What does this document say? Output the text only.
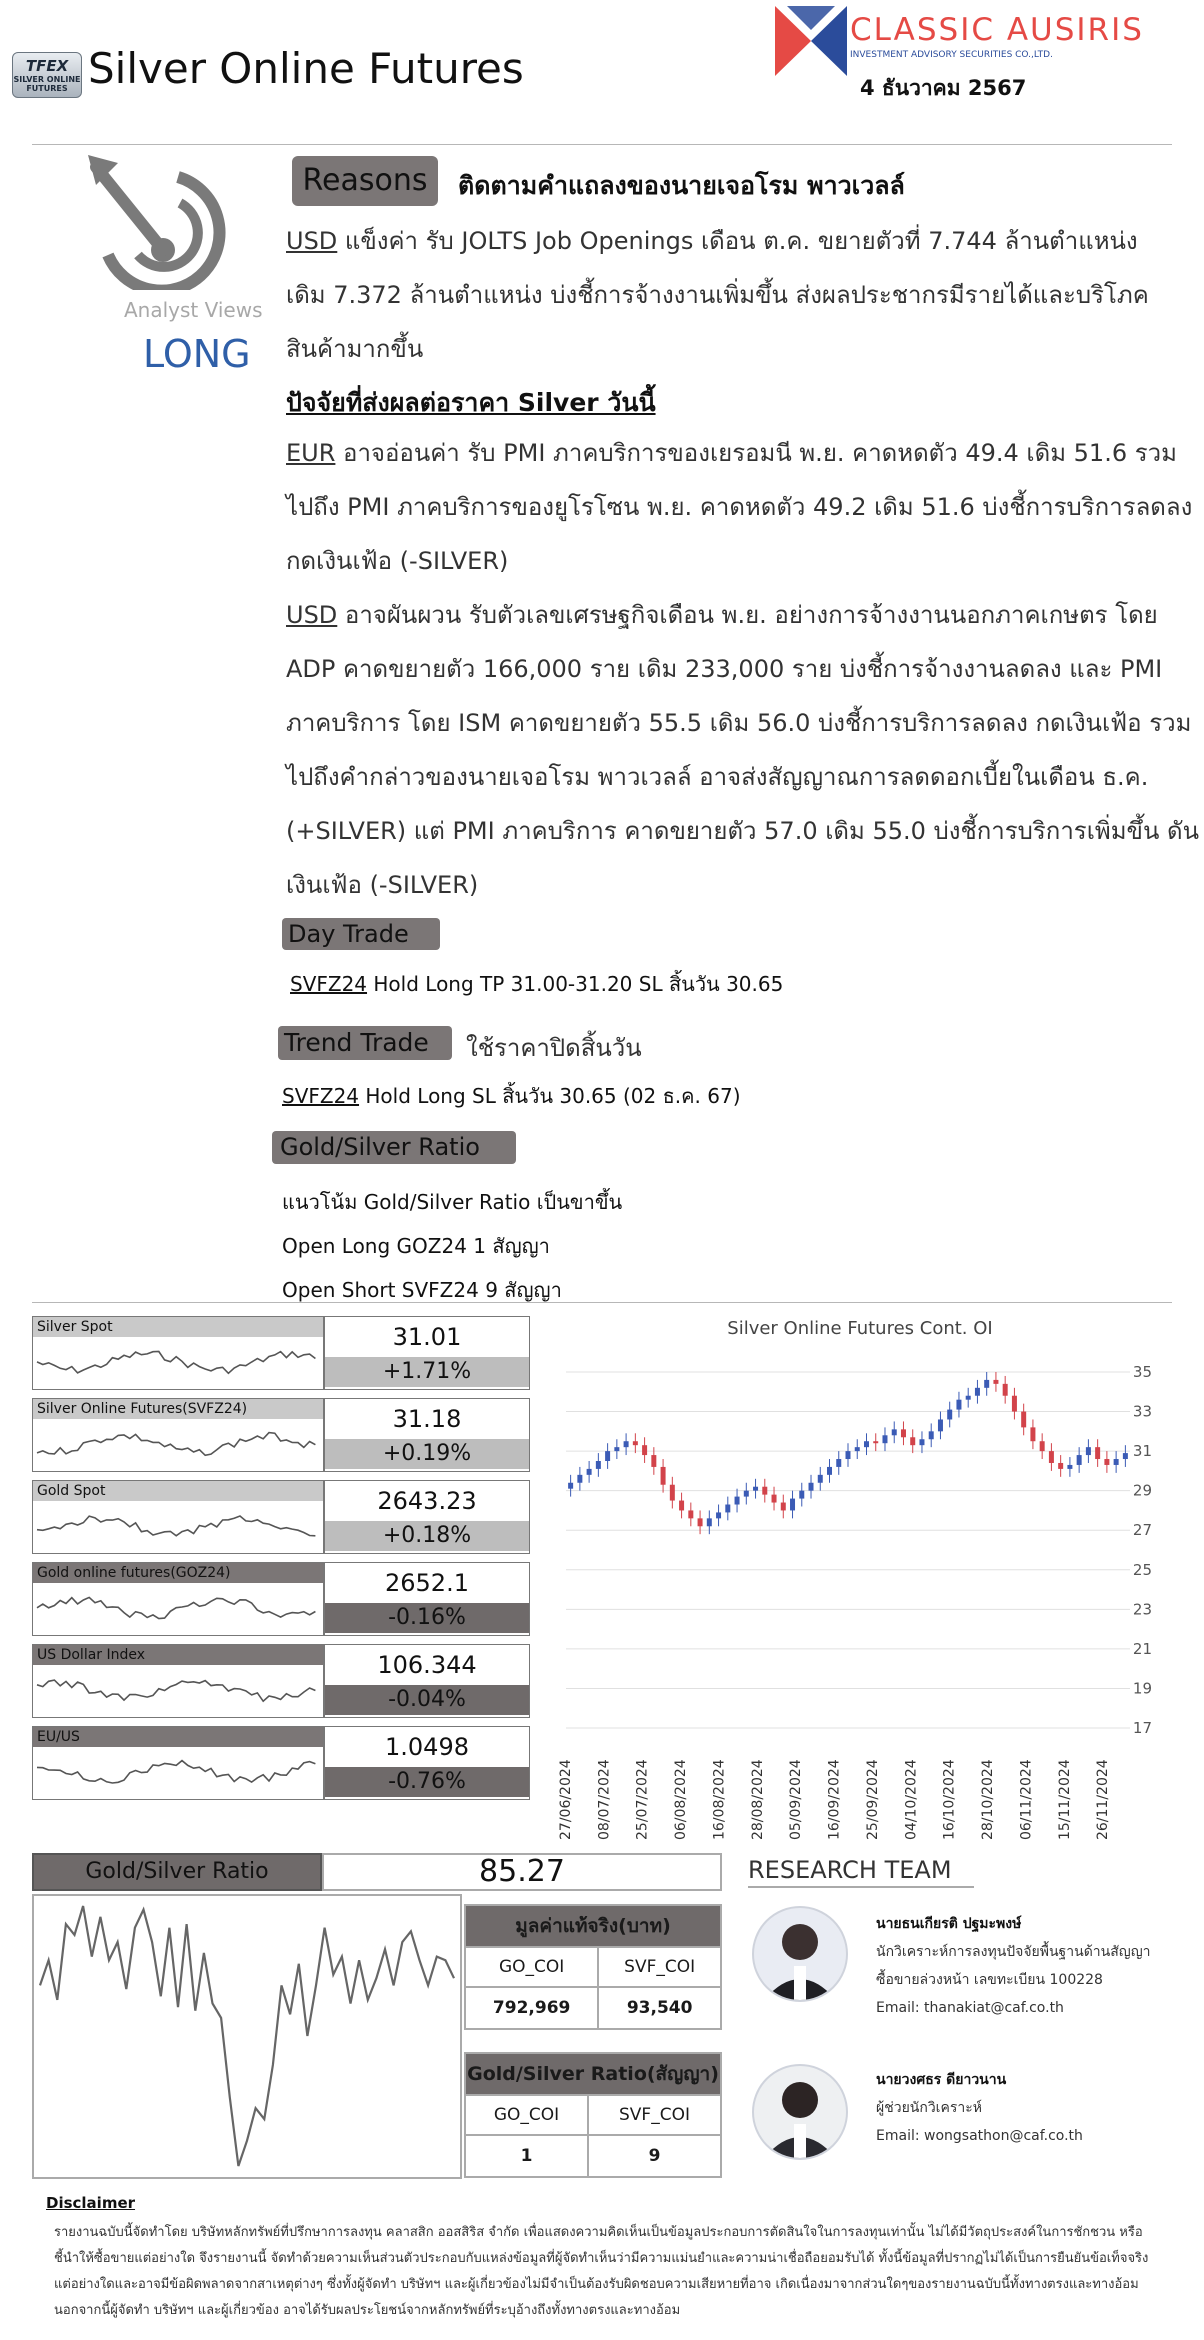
TFEX
SILVER ONLINE FUTURES Silver Online Futures
CLASSIC AUSIRIS
INVESTMENT ADVISORY SECURITIES CO.,LTD.
4 ธันวาคม 2567
Analyst Views
LONG
Reasons	ติดตามคำแถลงของนายเจอโรม พาวเวลล์
USD แข็งค่า รับ JOLTS Job Openings เดือน ต.ค. ขยายตัวที่ 7.744 ล้านตำแหน่ง
เดิม 7.372 ล้านตำแหน่ง บ่งชี้การจ้างงานเพิ่มขึ้น ส่งผลประชากรมีรายได้และบริโภค
สินค้ามากขึ้น
ปัจจัยที่ส่งผลต่อราคา Silver วันนี้
EUR อาจอ่อนค่า รับ PMI ภาคบริการของเยรอมนี พ.ย. คาดหดตัว 49.4 เดิม 51.6 รวม
ไปถึง PMI ภาคบริการของยูโรโซน พ.ย. คาดหดตัว 49.2 เดิม 51.6 บ่งชี้การบริการลดลง
กดเงินเฟ้อ (-SILVER)
USD อาจผันผวน รับตัวเลขเศรษฐกิจเดือน พ.ย. อย่างการจ้างงานนอกภาคเกษตร โดย
ADP คาดขยายตัว 166,000 ราย เดิม 233,000 ราย บ่งชี้การจ้างงานลดลง และ PMI
ภาคบริการ โดย ISM คาดขยายตัว 55.5 เดิม 56.0 บ่งชี้การบริการลดลง กดเงินเฟ้อ รวม
ไปถึงคำกล่าวของนายเจอโรม พาวเวลล์ อาจส่งสัญญาณการลดดอกเบี้ยในเดือน ธ.ค.
(+SILVER) แต่ PMI ภาคบริการ คาดขยายตัว 57.0 เดิม 55.0 บ่งชี้การบริการเพิ่มขึ้น ดัน
เงินเฟ้อ (-SILVER)
Day Trade
SVFZ24 Hold Long TP 31.00-31.20 SL สิ้นวัน 30.65
Trend Trade	ใช้ราคาปิดสิ้นวัน
SVFZ24 Hold Long SL สิ้นวัน 30.65 (02 ธ.ค. 67)
Gold/Silver Ratio
แนวโน้ม Gold/Silver Ratio เป็นขาขึ้น
Open Long GOZ24 1 สัญญา
Open Short SVFZ24 9 สัญญา
Silver Spot	31.01
+1.71%
Silver Online Futures(SVFZ24)	31.18
+0.19%
Gold Spot	2643.23
+0.18%
Gold online futures(GOZ24)	2652.1
-0.16%
US Dollar Index	106.344
-0.04%
EU/US	1.0498
-0.76%
Silver Online Futures Cont. OI
35
33
31
29
27
25
23
21
19
17
27/06/2024 08/07/2024 25/07/2024 06/08/2024 16/08/2024 28/08/2024 05/09/2024 16/09/2024 25/09/2024 04/10/2024 16/10/2024 28/10/2024 06/11/2024 15/11/2024 26/11/2024
Gold/Silver Ratio	85.27
มูลค่าแท้จริง(บาท)	
GO_COI	SVF_COI
792,969	93,540
Gold/Silver Ratio(สัญญา)	
GO_COI	SVF_COI
1	9
RESEARCH TEAM
นายธนเกียรติ ปฐมะพงษ์
นักวิเคราะห์การลงทุนปัจจัยพื้นฐานด้านสัญญา
ซื้อขายล่วงหน้า เลขทะเบียน 100228
Email: thanakiat@caf.co.th
นายวงศธร ดียาวนาน
ผู้ช่วยนักวิเคราะห์
Email: wongsathon@caf.co.th
Disclaimer
รายงานฉบับนี้จัดทำโดย บริษัทหลักทรัพย์ที่ปรึกษาการลงทุน คลาสสิก ออสสิริส จำกัด เพื่อแสดงความคิดเห็นเป็นข้อมูลประกอบการตัดสินใจในการลงทุนเท่านั้น ไม่ได้มีวัตถุประสงค์ในการชักชวน หรือ
ชี้นำให้ซื้อขายแต่อย่างใด จึงรายงานนี้ จัดทำด้วยความเห็นส่วนตัวประกอบกับแหล่งข้อมูลที่ผู้จัดทำเห็นว่ามีความแม่นยำและความน่าเชื่อถือยอมรับได้ ทั้งนี้ข้อมูลที่ปรากฏไม่ได้เป็นการยืนยันข้อเท็จจริง
แต่อย่างใดและอาจมีข้อผิดพลาดจากสาเหตุต่างๆ ซึ่งทั้งผู้จัดทำ บริษัทฯ และผู้เกี่ยวข้องไม่มีจำเป็นต้องรับผิดชอบความเสียหายที่อาจ เกิดเนื่องมาจากส่วนใดๆของรายงานฉบับนี้ทั้งทางตรงและทางอ้อม
นอกจากนี้ผู้จัดทำ บริษัทฯ และผู้เกี่ยวข้อง อาจได้รับผลประโยชน์จากหลักทรัพย์ที่ระบุอ้างถึงทั้งทางตรงและทางอ้อม
